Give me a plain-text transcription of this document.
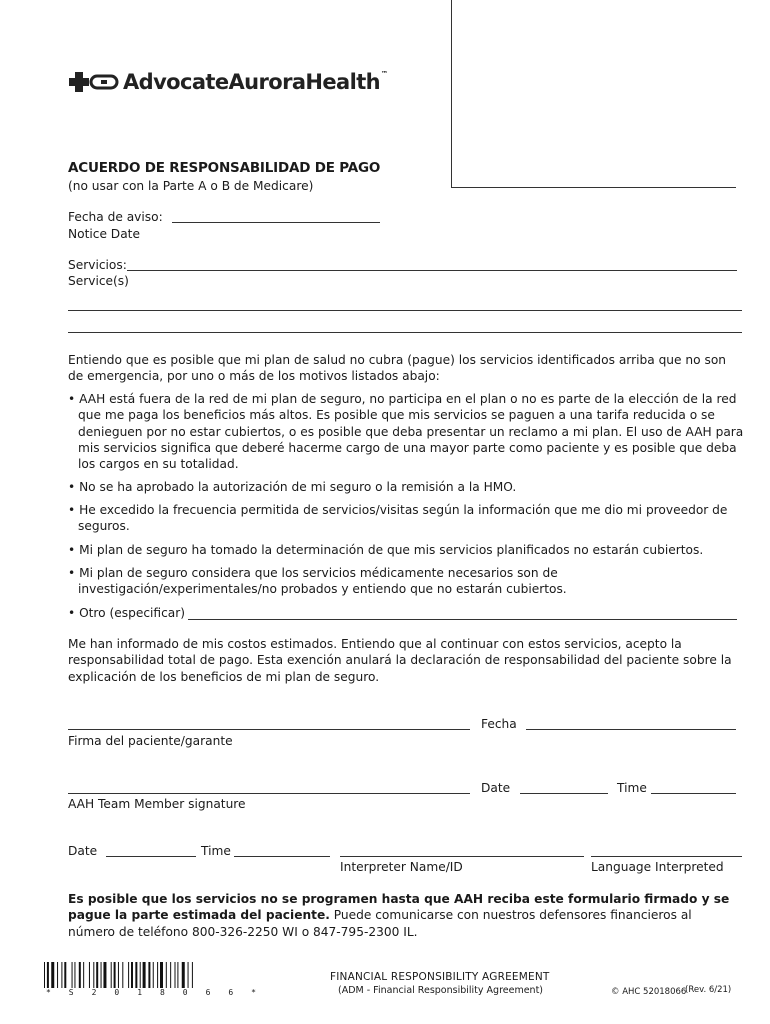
AdvocateAuroraHealth™
ACUERDO DE RESPONSABILIDAD DE PAGO
(no usar con la Parte A o B de Medicare)
Fecha de aviso:
Notice Date
Servicios:
Service(s)
Entiendo que es posible que mi plan de salud no cubra (pague) los servicios identificados arriba que no son de emergencia, por uno o más de los motivos listados abajo:
• AAH está fuera de la red de mi plan de seguro, no participa en el plan o no es parte de la elección de la red que me paga los beneficios más altos. Es posible que mis servicios se paguen a una tarifa reducida o se denieguen por no estar cubiertos, o es posible que deba presentar un reclamo a mi plan. El uso de AAH para mis servicios significa que deberé hacerme cargo de una mayor parte como paciente y es posible que deba los cargos en su totalidad.
• No se ha aprobado la autorización de mi seguro o la remisión a la HMO.
• He excedido la frecuencia permitida de servicios/visitas según la información que me dio mi proveedor de seguros.
• Mi plan de seguro ha tomado la determinación de que mis servicios planificados no estarán cubiertos.
• Mi plan de seguro considera que los servicios médicamente necesarios son de investigación/experimentales/no probados y entiendo que no estarán cubiertos.
• Otro (especificar)
Me han informado de mis costos estimados. Entiendo que al continuar con estos servicios, acepto la responsabilidad total de pago. Esta exención anulará la declaración de responsabilidad del paciente sobre la explicación de los beneficios de mi plan de seguro.
Fecha
Firma del paciente/garante
Date	Time
AAH Team Member signature
Date	Time
Interpreter Name/ID	Language Interpreted
Es posible que los servicios no se programen hasta que AAH reciba este formulario firmado y se pague la parte estimada del paciente. Puede comunicarse con nuestros defensores financieros al número de teléfono 800-326-2250 WI o 847-795-2300 IL.
* S 2 0 1 8 0 6 6 *
FINANCIAL RESPONSIBILITY AGREEMENT
(ADM - Financial Responsibility Agreement)	© AHC 52018066
(Rev. 6/21)
